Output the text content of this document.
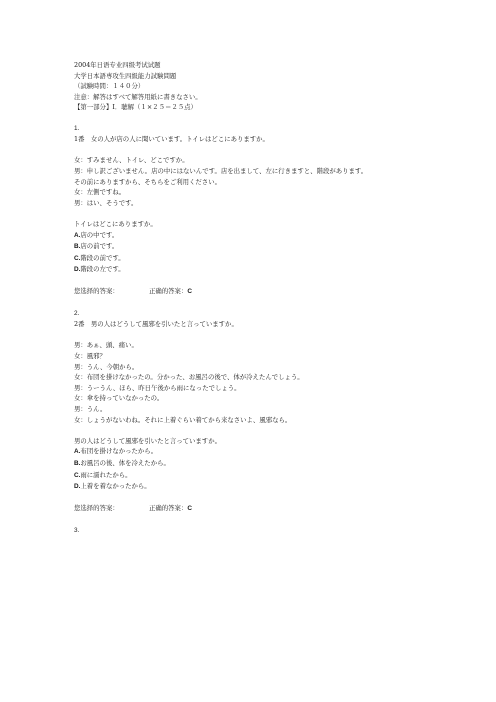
2004年日语专业四级考试试题
大学日本語専攻生四級能力試験問題
（試験時間：１４０分）
注意：解答はすべて解答用紙に書きなさい。
【第一部分】Ⅰ．聴解（１×２５＝２５点）
1.
1番　女の人が店の人に聞いています。トイレはどこにありますか。
女：すみません、トイレ、どこですか。
男：申し訳ございません。店の中にはないんです。店を出まして、左に行きますと、階段があります。
その前にありますから、そちらをご利用ください。
女：左側ですね。
男：はい、そうです。
トイレはどこにありますか。
A.店の中です。
B.店の前です。
C.階段の前です。
D.階段の左です。
您选择的答案：	正确的答案：C
2.
2番　男の人はどうして風邪を引いたと言っていますか。
男：あぁ、頭、痛い。
女：風邪？
男：うん、今朝から。
女：布団を掛けなかったの。分かった、お風呂の後で、体が冷えたんでしょう。
男：うーうん、ほら、昨日午後から雨になったでしょう。
女：傘を持っていなかったの。
男：うん。
女：しょうがないわね。それに上着ぐらい着てから来なさいよ、風邪なら。
男の人はどうして風邪を引いたと言っていますか。
A.布団を掛けなかったから。
B.お風呂の後、体を冷えたから。
C.雨に濡れたから。
D.上着を着なかったから。
您选择的答案：	正确的答案：C
3.
